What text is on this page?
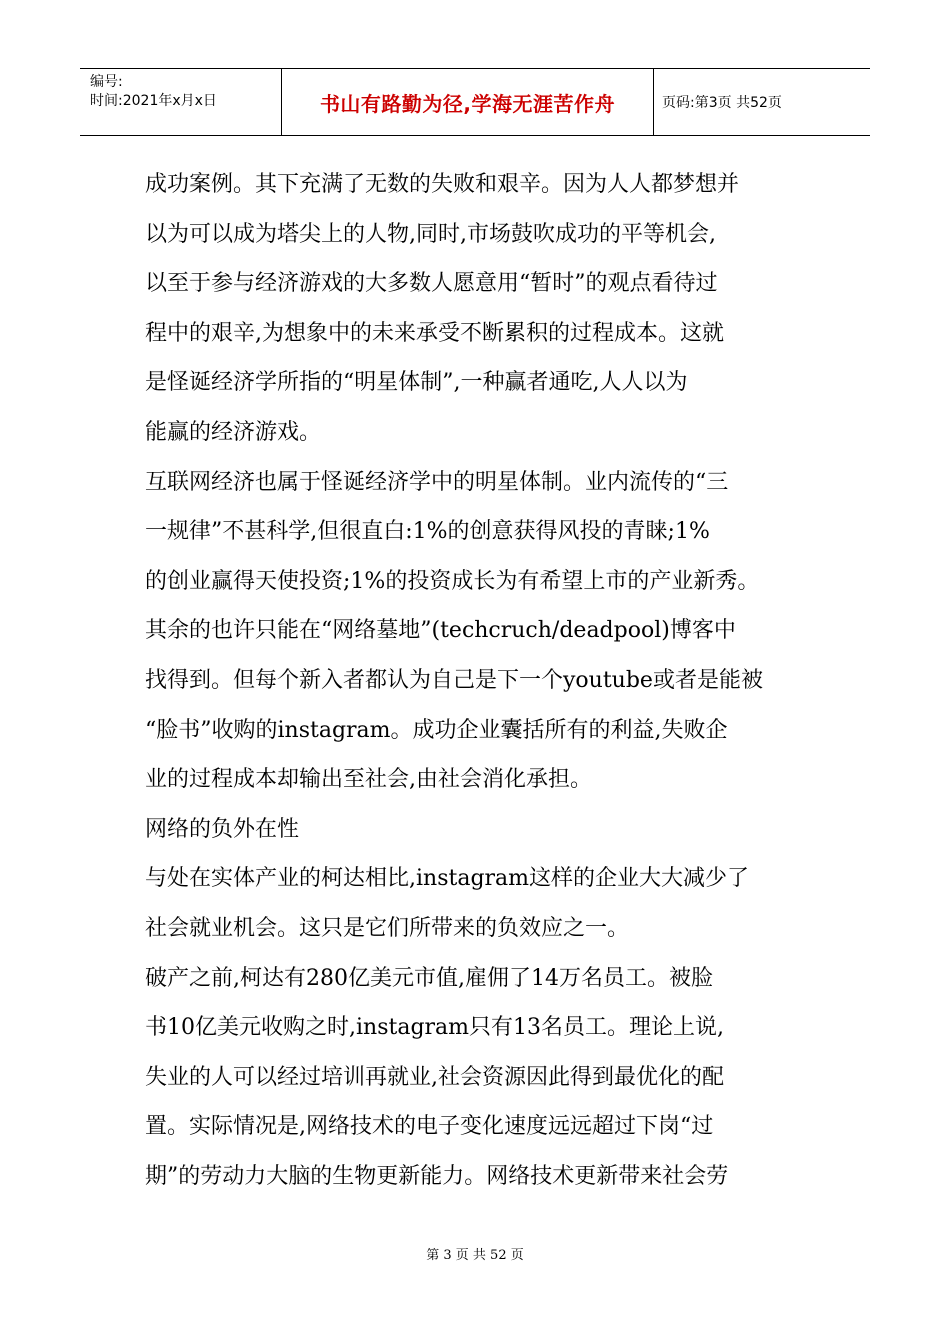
编号:
时间:2021年x月x日	书山有路勤为径,学海无涯苦作舟	页码:第3页 共52页

成功案例。其下充满了无数的失败和艰辛。因为人人都梦想并

以为可以成为塔尖上的人物,同时,市场鼓吹成功的平等机会,

以至于参与经济游戏的大多数人愿意用“暂时”的观点看待过

程中的艰辛,为想象中的未来承受不断累积的过程成本。这就

是怪诞经济学所指的“明星体制”,一种赢者通吃,人人以为

能赢的经济游戏。

互联网经济也属于怪诞经济学中的明星体制。业内流传的“三

一规律”不甚科学,但很直白:1%的创意获得风投的青睐;1%

的创业赢得天使投资;1%的投资成长为有希望上市的产业新秀。

其余的也许只能在“网络墓地”(techcruch/deadpool)博客中

找得到。但每个新入者都认为自己是下一个youtube或者是能被

“脸书”收购的instagram。成功企业囊括所有的利益,失败企

业的过程成本却输出至社会,由社会消化承担。

网络的负外在性

与处在实体产业的柯达相比,instagram这样的企业大大减少了

社会就业机会。这只是它们所带来的负效应之一。

破产之前,柯达有280亿美元市值,雇佣了14万名员工。被脸

书10亿美元收购之时,instagram只有13名员工。理论上说,

失业的人可以经过培训再就业,社会资源因此得到最优化的配

置。实际情况是,网络技术的电子变化速度远远超过下岗“过

期”的劳动力大脑的生物更新能力。网络技术更新带来社会劳

第 3 页 共 52 页
